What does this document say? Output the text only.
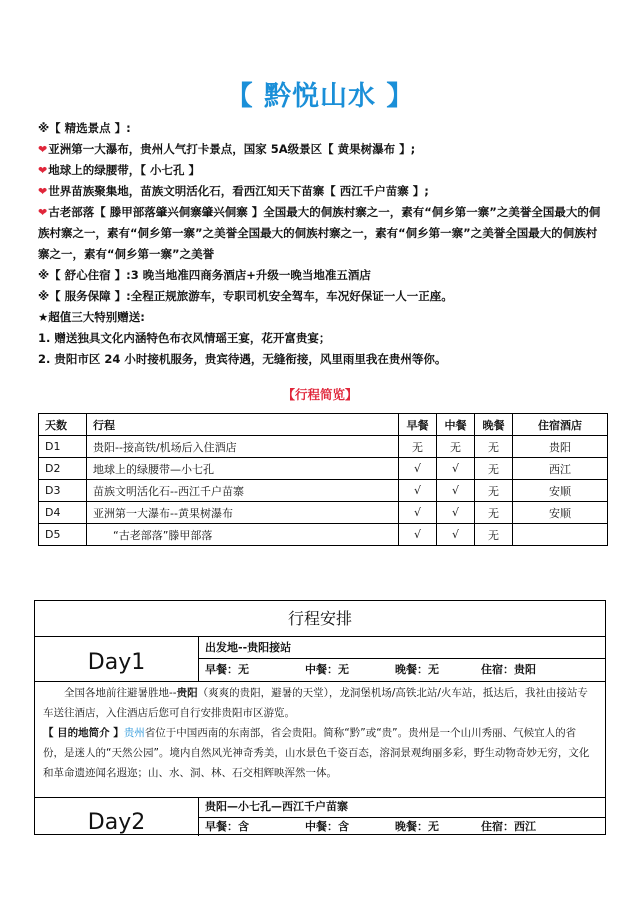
【 黔悦山水 】
※【 精选景点 】:
❤亚洲第一大瀑布，贵州人气打卡景点，国家 5A级景区【 黄果树瀑布 】;
❤地球上的绿腰带，【 小七孔 】
❤世界苗族聚集地，苗族文明活化石，看西江知天下苗寨【 西江千户苗寨 】;
❤古老部落【 滕甲部落肇兴侗寨肇兴侗寨 】全国最大的侗族村寨之一，素有“侗乡第一寨”之美誉全国最大的侗族村寨之一，素有“侗乡第一寨”之美誉全国最大的侗族村寨之一，素有“侗乡第一寨”之美誉全国最大的侗族村寨之一，素有“侗乡第一寨”之美誉
※【 舒心住宿 】:3 晚当地准四商务酒店+升级一晚当地准五酒店
※【 服务保障 】:全程正规旅游车，专职司机安全驾车，车况好保证一人一正座。
★超值三大特别赠送:
1. 赠送独具文化内涵特色布衣风情瑶王宴，花开富贵宴；
2. 贵阳市区 24 小时接机服务，贵宾待遇，无缝衔接，风里雨里我在贵州等你。
【行程简览】
天数	行程	早餐	中餐	晚餐	住宿酒店
D1	贵阳--接高铁/机场后入住酒店	无	无	无	贵阳
D2	地球上的绿腰带—小七孔	√	√	无	西江
D3	苗族文明活化石--西江千户苗寨	√	√	无	安顺
D4	亚洲第一大瀑布--黄果树瀑布	√	√	无	安顺
D5	“古老部落”滕甲部落	√	√	无	
行程安排
Day1
出发地--贵阳接站
早餐：无	中餐：无	晚餐：无	住宿：贵阳

全国各地前往避暑胜地--贵阳（爽爽的贵阳，避暑的天堂），龙洞堡机场/高铁北站/火车站，抵达后，我社由接站专车送往酒店，入住酒店后您可自行安排贵阳市区游览。

【 目的地简介 】贵州省位于中国西南的东南部，省会贵阳。简称“黔”或“贵”。贵州是一个山川秀丽、气候宜人的省份，是迷人的“天然公园”。境内自然风光神奇秀美，山水景色千姿百态，溶洞景观绚丽多彩，野生动物奇妙无穷，文化和革命遗迹闻名遐迩；山、水、洞、林、石交相辉映浑然一体。

Day2
贵阳—小七孔—西江千户苗寨
早餐：含	中餐：含	晚餐：无	住宿：西江
